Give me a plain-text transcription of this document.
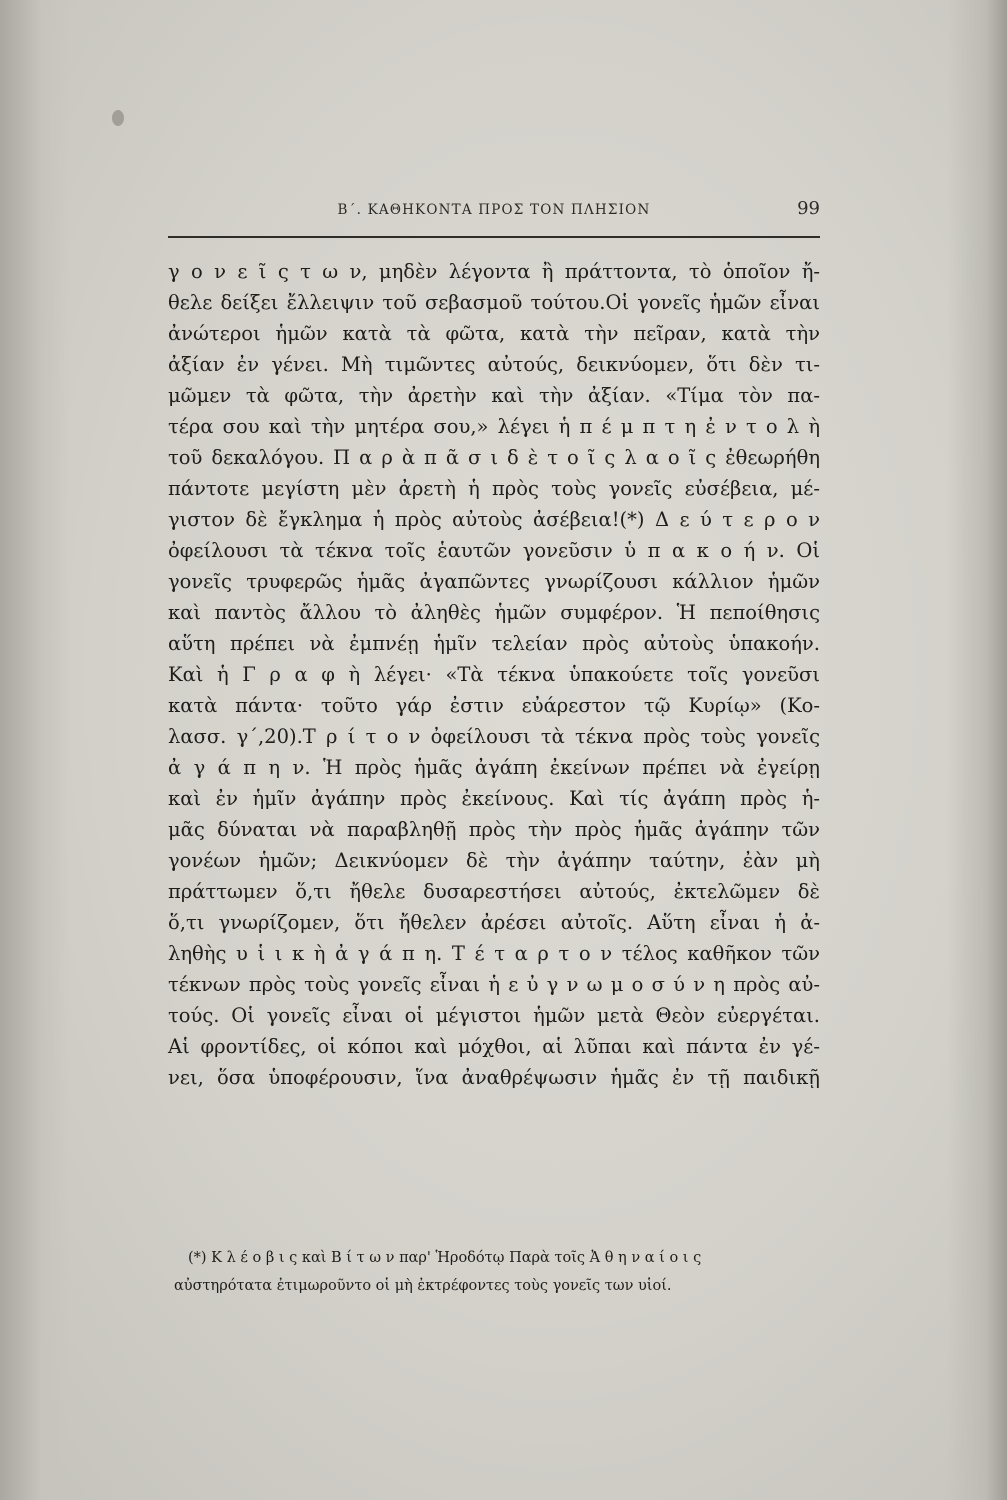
Β΄. ΚΑΘΗΚΟΝΤΑ ΠΡΟΣ ΤΟΝ ΠΛΗΣΙΟΝ	99
γ ο ν ε ῖ ς τ ω ν, μηδὲν λέγοντα ἢ πράττοντα, τὸ ὁποῖον ἤ-
θελε δείξει ἔλλειψιν τοῦ σεβασμοῦ τούτου.Οἱ γονεῖς ἡμῶν εἶναι
ἀνώτεροι ἡμῶν κατὰ τὰ φῶτα, κατὰ τὴν πεῖραν, κατὰ τὴν
ἀξίαν ἐν γένει. Μὴ τιμῶντες αὐτούς, δεικνύομεν, ὅτι δὲν τι-
μῶμεν τὰ φῶτα, τὴν ἀρετὴν καὶ τὴν ἀξίαν. «Τίμα τὸν πα-
τέρα σου καὶ τὴν μητέρα σου,» λέγει ἡ π έ μ π τ η ἐ ν τ ο λ ὴ
τοῦ δεκαλόγου. Π α ρ ὰ π ᾶ σ ι δ ὲ τ ο ῖ ς λ α ο ῖ ς ἐθεωρήθη
πάντοτε μεγίστη μὲν ἀρετὴ ἡ πρὸς τοὺς γονεῖς εὐσέβεια, μέ-
γιστον δὲ ἔγκλημα ἡ πρὸς αὐτοὺς ἀσέβεια!(*) Δ ε ύ τ ε ρ ο ν
ὀφείλουσι τὰ τέκνα τοῖς ἑαυτῶν γονεῦσιν ὑ π α κ ο ή ν. Οἱ
γονεῖς τρυφερῶς ἡμᾶς ἀγαπῶντες γνωρίζουσι κάλλιον ἡμῶν
καὶ παντὸς ἄλλου τὸ ἀληθὲς ἡμῶν συμφέρον. Ἡ πεποίθησις
αὕτη πρέπει νὰ ἐμπνέῃ ἡμῖν τελείαν πρὸς αὐτοὺς ὑπακοήν.
Καὶ ἡ Γ ρ α φ ὴ λέγει· «Τὰ τέκνα ὑπακούετε τοῖς γονεῦσι
κατὰ πάντα· τοῦτο γάρ ἐστιν εὐάρεστον τῷ Κυρίῳ» (Κο-
λασσ. γ΄,20).Τ ρ ί τ ο ν ὀφείλουσι τὰ τέκνα πρὸς τοὺς γονεῖς
ἀ γ ά π η ν. Ἡ πρὸς ἡμᾶς ἀγάπη ἐκείνων πρέπει νὰ ἐγείρῃ
καὶ ἐν ἡμῖν ἀγάπην πρὸς ἐκείνους. Καὶ τίς ἀγάπη πρὸς ἡ-
μᾶς δύναται νὰ παραβληθῇ πρὸς τὴν πρὸς ἡμᾶς ἀγάπην τῶν
γονέων ἡμῶν; Δεικνύομεν δὲ τὴν ἀγάπην ταύτην, ἐὰν μὴ
πράττωμεν ὅ,τι ἤθελε δυσαρεστήσει αὐτούς, ἐκτελῶμεν δὲ
ὅ,τι γνωρίζομεν, ὅτι ἤθελεν ἀρέσει αὐτοῖς. Αὕτη εἶναι ἡ ἀ-
ληθὴς υ ἱ ι κ ὴ ἀ γ ά π η. Τ έ τ α ρ τ ο ν τέλος καθῆκον τῶν
τέκνων πρὸς τοὺς γονεῖς εἶναι ἡ ε ὐ γ ν ω μ ο σ ύ ν η πρὸς αὐ-
τούς. Οἱ γονεῖς εἶναι οἱ μέγιστοι ἡμῶν μετὰ Θεὸν εὐεργέται.
Αἱ φροντίδες, οἱ κόποι καὶ μόχθοι, αἱ λῦπαι καὶ πάντα ἐν γέ-
νει, ὅσα ὑποφέρουσιν, ἵνα ἀναθρέψωσιν ἡμᾶς ἐν τῇ παιδικῇ
(*) Κ λ έ ο β ι ς καὶ Β ί τ ω ν παρ' Ἡροδότῳ Παρὰ τοῖς Ἀ θ η ν α ί ο ι ς
αὐστηρότατα ἐτιμωροῦντο οἱ μὴ ἐκτρέφοντες τοὺς γονεῖς των υἱοί.
